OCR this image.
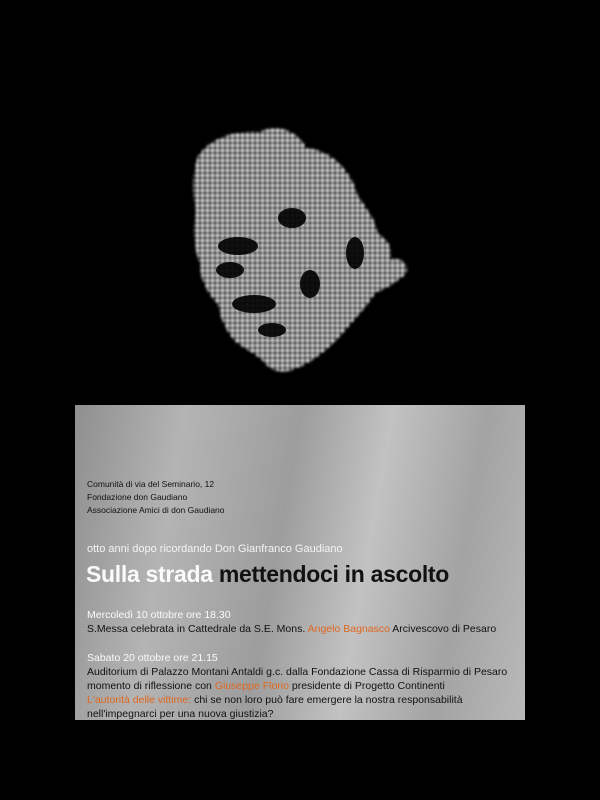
Comunità di via del Seminario, 12
Fondazione don Gaudiano
Associazione Amici di don Gaudiano
otto anni dopo ricordando Don Gianfranco Gaudiano
Sulla strada mettendoci in ascolto
Mercoledì 10 ottobre ore 18.30
S.Messa celebrata in Cattedrale da S.E. Mons. Angelo Bagnasco Arcivescovo di Pesaro
Sabato 20 ottobre ore 21.15
Auditorium di Palazzo Montani Antaldi g.c. dalla Fondazione Cassa di Risparmio di Pesaro
momento di riflessione con Giuseppe Florio presidente di Progetto Continenti
L'autorità delle vittime: chi se non loro può fare emergere la nostra responsabilità
nell'impegnarci per una nuova giustizia?
